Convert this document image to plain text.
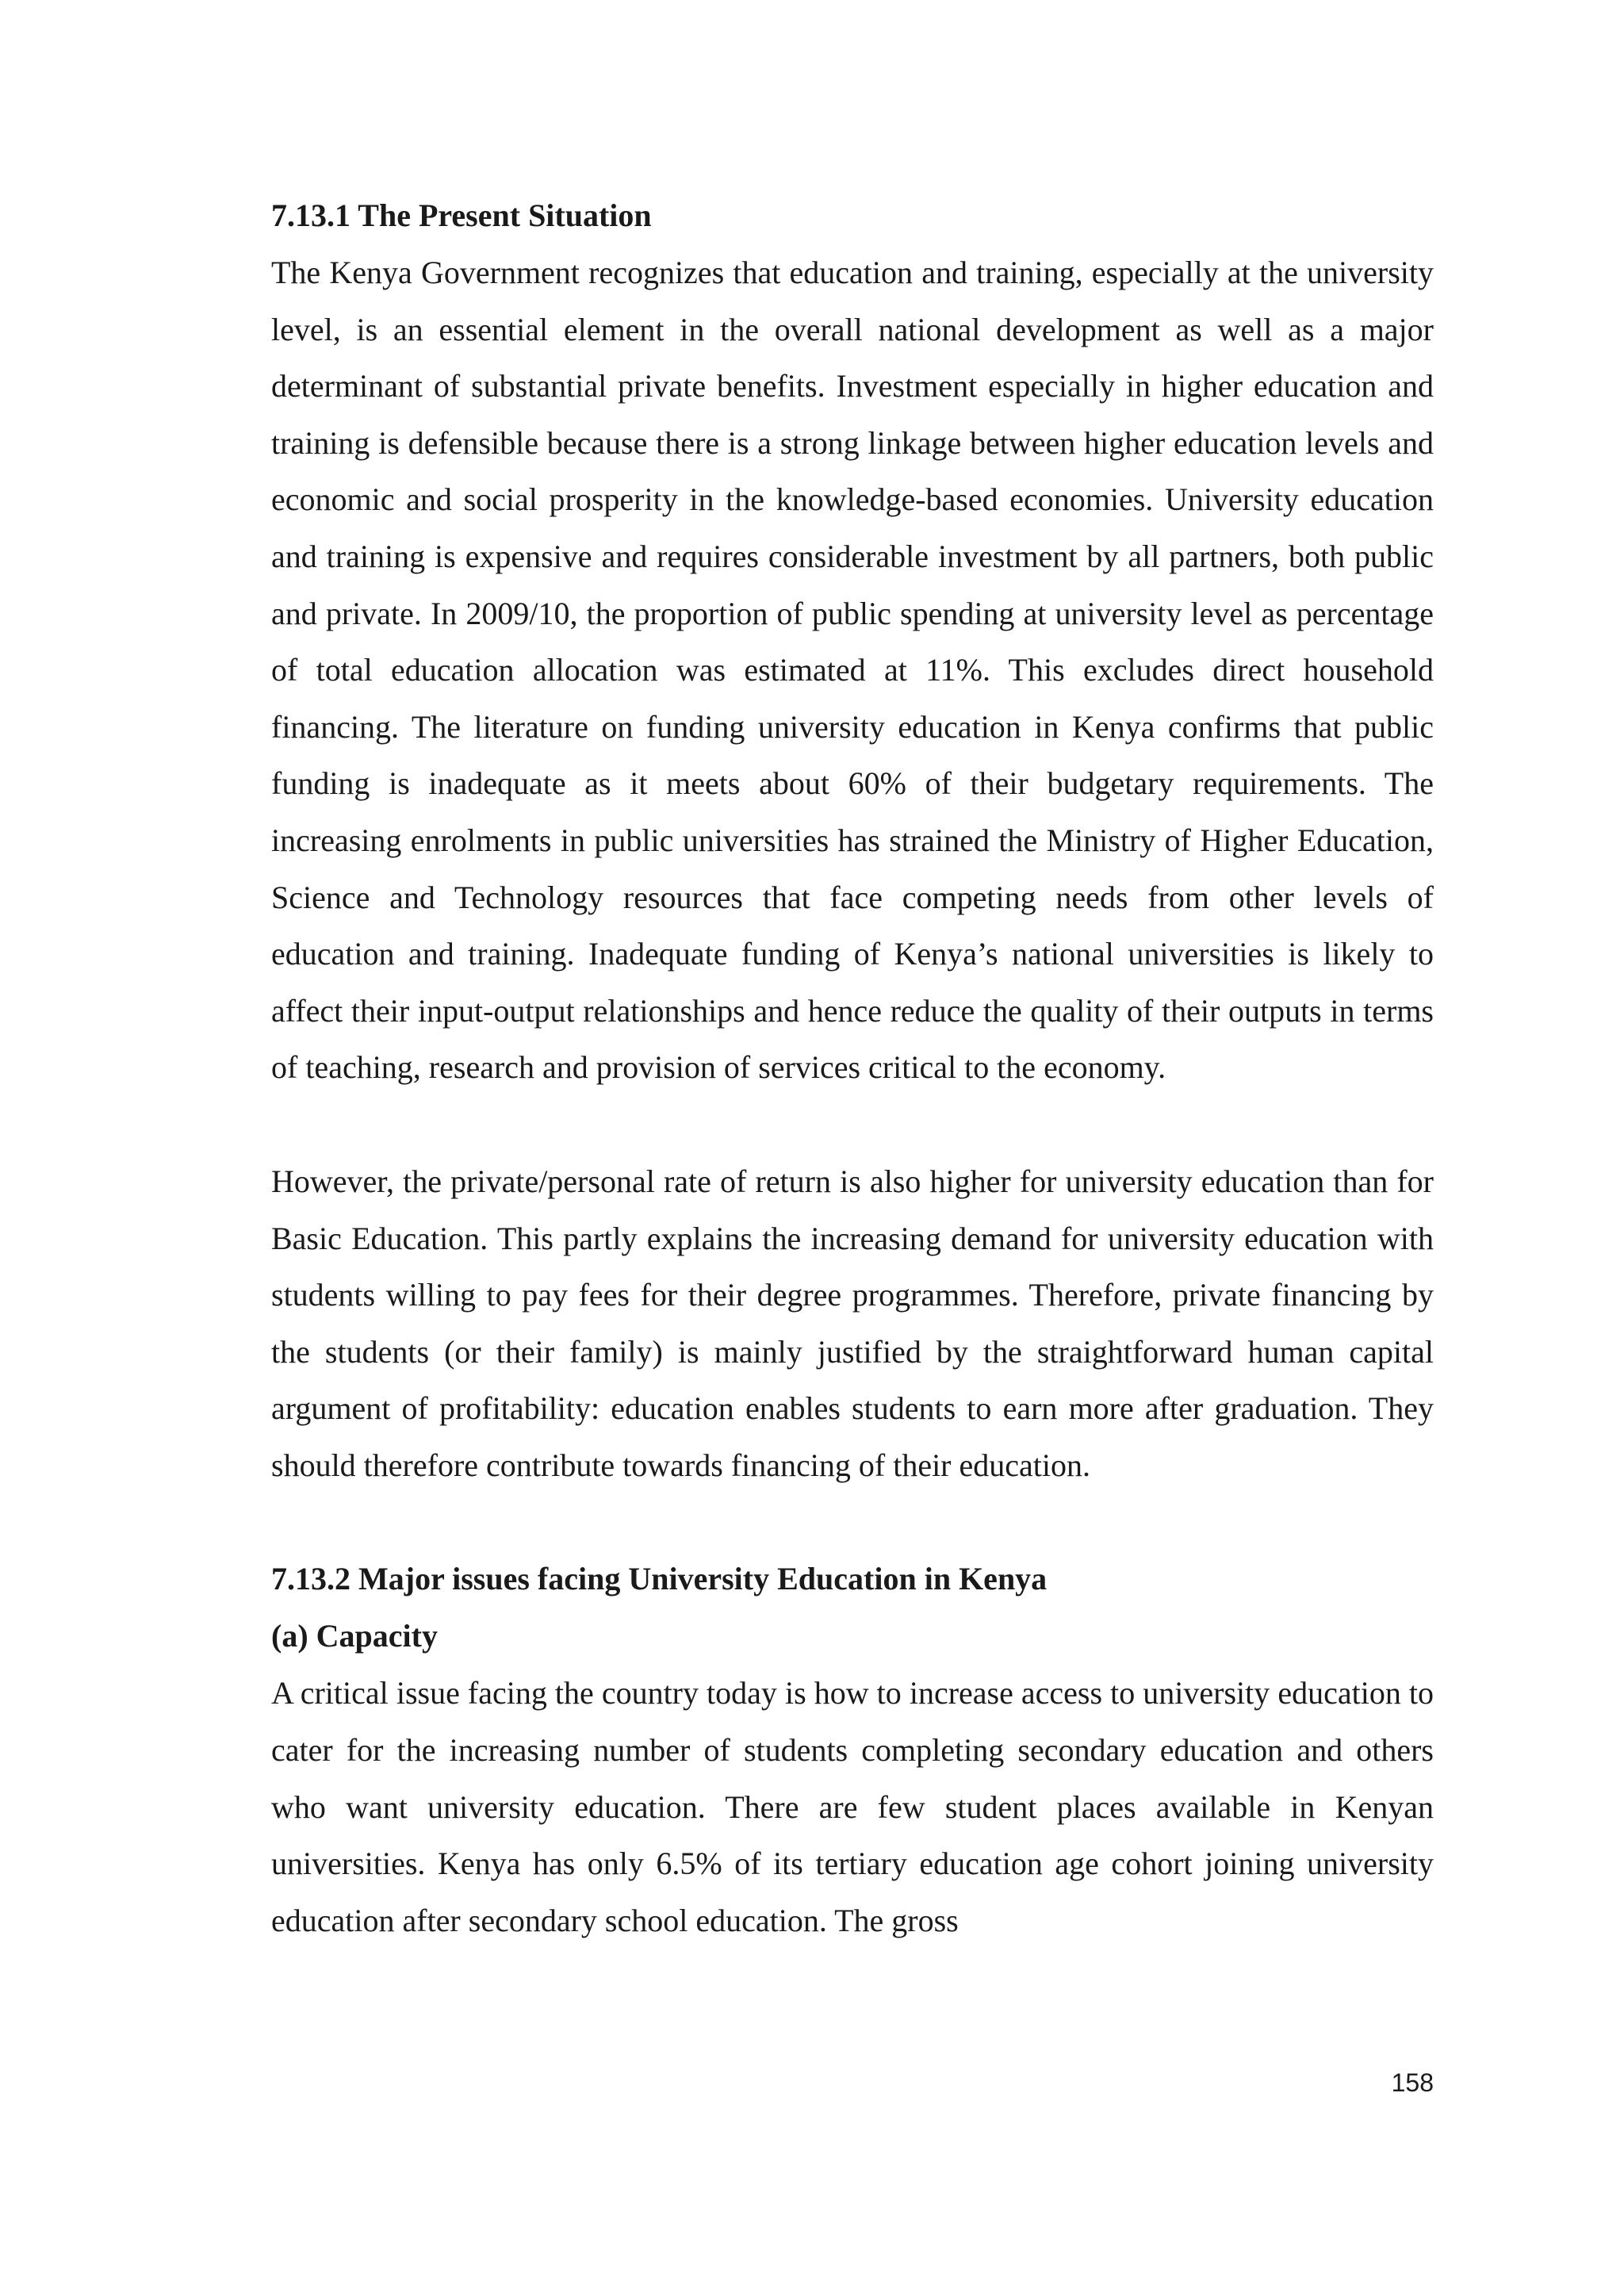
7.13.1 The Present Situation

The Kenya Government recognizes that education and training, especially at the university level, is an essential element in the overall national development as well as a major determinant of substantial private benefits. Investment especially in higher education and training is defensible because there is a strong linkage between higher education levels and economic and social prosperity in the knowledge-based economies. University education and training is expensive and requires considerable investment by all partners, both public and private. In 2009/10, the proportion of public spending at university level as percentage of total education allocation was estimated at 11%. This excludes direct household financing. The literature on funding university education in Kenya confirms that public funding is inadequate as it meets about 60% of their budgetary requirements. The increasing enrolments in public universities has strained the Ministry of Higher Education, Science and Technology resources that face competing needs from other levels of education and training. Inadequate funding of Kenya’s national universities is likely to affect their input-output relationships and hence reduce the quality of their outputs in terms of teaching, research and provision of services critical to the economy.

However, the private/personal rate of return is also higher for university education than for Basic Education. This partly explains the increasing demand for university education with students willing to pay fees for their degree programmes. Therefore, private financing by the students (or their family) is mainly justified by the straightforward human capital argument of profitability: education enables students to earn more after graduation. They should therefore contribute towards financing of their education.

7.13.2 Major issues facing University Education in Kenya
(a) Capacity

A critical issue facing the country today is how to increase access to university education to cater for the increasing number of students completing secondary education and others who want university education. There are few student places available in Kenyan universities. Kenya has only 6.5% of its tertiary education age cohort joining university education after secondary school education. The gross

158
